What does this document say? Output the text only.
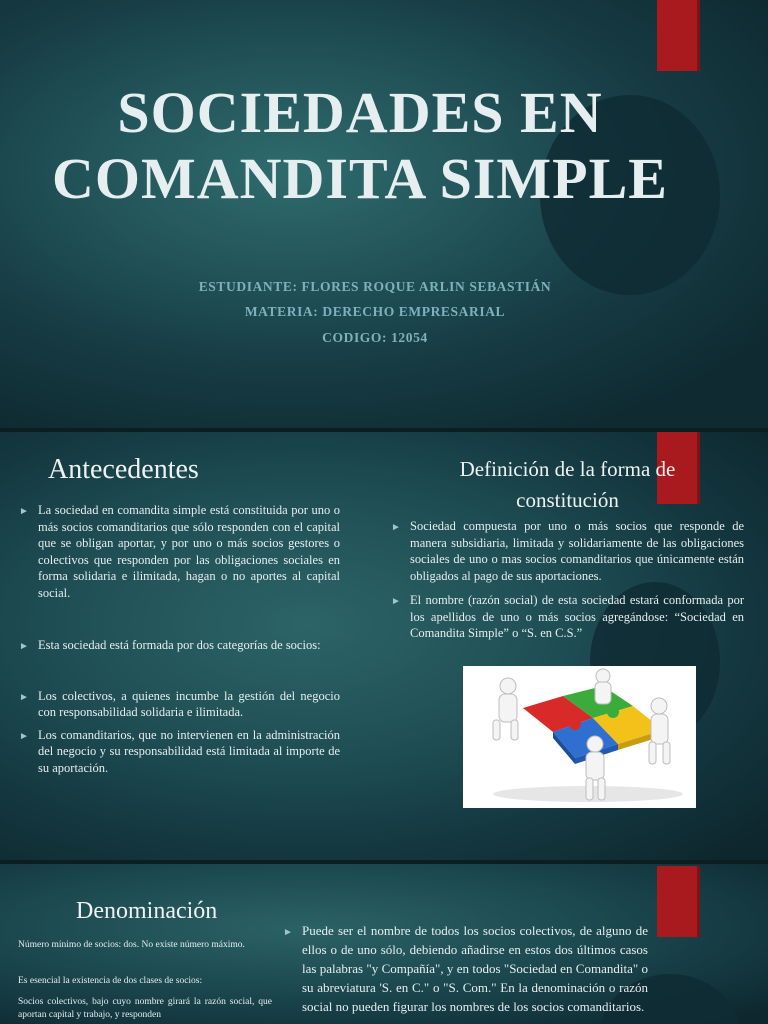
SOCIEDADES EN
COMANDITA SIMPLE
ESTUDIANTE: FLORES ROQUE ARLIN SEBASTIÁN
MATERIA: DERECHO EMPRESARIAL
CODIGO: 12054
Antecedentes
► La sociedad en comandita simple está constituida por uno o más socios comanditarios que sólo responden con el capital que se obligan aportar, y por uno o más socios gestores o colectivos que responden por las obligaciones sociales en forma solidaria e ilimitada, hagan o no aportes al capital social.
► Esta sociedad está formada por dos categorías de socios:
► Los colectivos, a quienes incumbe la gestión del negocio con responsabilidad solidaria e ilimitada.
► Los comanditarios, que no intervienen en la administración del negocio y su responsabilidad está limitada al importe de su aportación.
Definición de la forma de
constitución
► Sociedad compuesta por uno o más socios que responde de manera subsidiaria, limitada y solidariamente de las obligaciones sociales de uno o mas socios comanditarios que únicamente están obligados al pago de sus aportaciones.
► El nombre (razón social) de esta sociedad estará conformada por los apellidos de uno o más socios agregándose: “Sociedad en Comandita Simple” o “S. en C.S.”
Denominación

Número mínimo de socios: dos. No existe número máximo.

Es esencial la existencia de dos clases de socios:

Socios colectivos, bajo cuyo nombre girará la razón social, que aportan capital y trabajo, y responden

► Puede ser el nombre de todos los socios colectivos, de alguno de ellos o de uno sólo, debiendo añadirse en estos dos últimos casos las palabras "y Compañía", y en todos "Sociedad en Comandita" o su abreviatura 'S. en C." o "S. Com." En la denominación o razón social no pueden figurar los nombres de los socios comanditarios.
